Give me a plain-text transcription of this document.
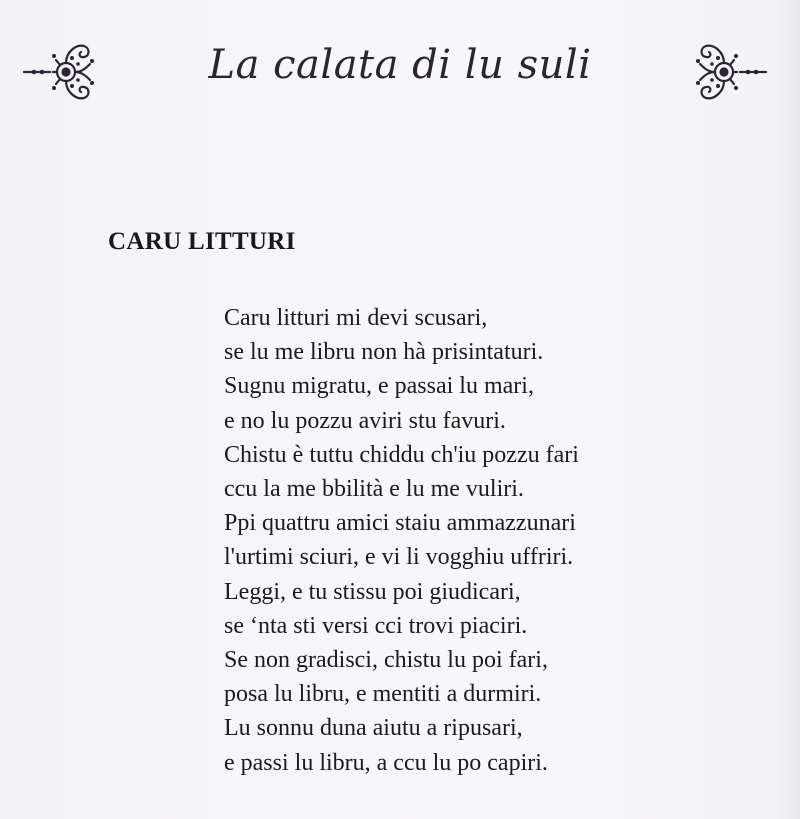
La calata di lu suli
CARU LITTURI
Caru litturi mi devi scusari,
se lu me libru non hà prisintaturi.
Sugnu migratu, e passai lu mari,
e no lu pozzu aviri stu favuri.
Chistu è tuttu chiddu ch'iu pozzu fari
ccu la me bbilità e lu me vuliri.
Ppi quattru amici staiu ammazzunari
l'urtimi sciuri, e vi li vogghiu uffriri.
Leggi, e tu stissu poi giudicari,
se ‘nta sti versi cci trovi piaciri.
Se non gradisci, chistu lu poi fari,
posa lu libru, e mentiti a durmiri.
Lu sonnu duna aiutu a ripusari,
e passi lu libru, a ccu lu po capiri.
